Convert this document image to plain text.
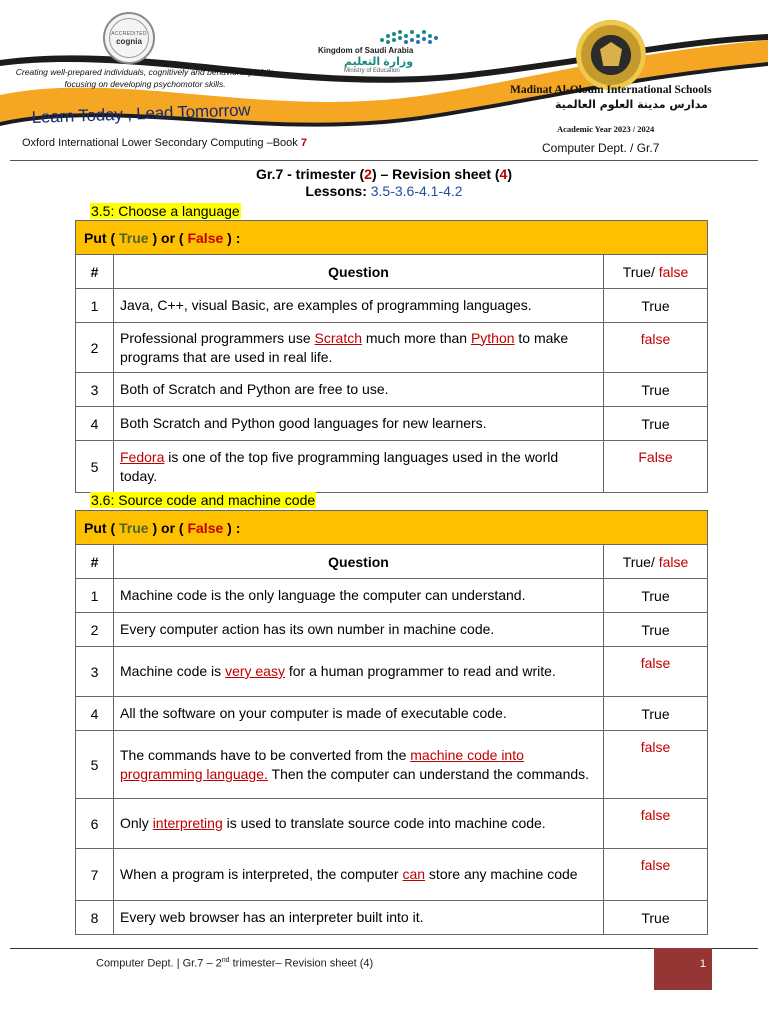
ACCREDITED
cognia
Creating well-prepared individuals, cognitively and behaviorally while focusing on developing psychomotor skills.
Learn Today , Lead Tomorrow
Oxford International Lower Secondary Computing –Book 7
Kingdom of Saudi Arabia
وزارة التعليم
Ministry of Education
Madinat Al-Oloum International Schools
مدارس مدينة العلوم العالمية
Academic Year 2023 / 2024
Computer Dept. / Gr.7
Gr.7 - trimester (2) – Revision sheet (4)
Lessons: 3.5-3.6-4.1-4.2
3.5: Choose a language
Put ( True ) or ( False ) :		
#	Question	True/ false
1	Java, C++, visual Basic, are examples of programming languages.	True
2	Professional programmers use Scratch much more than Python to make programs that are used in real life.	false
3	Both of Scratch and Python are free to use.	True
4	Both Scratch and Python good languages for new learners.	True
5	Fedora is one of the top five programming languages used in the world today.	False
3.6: Source code and machine code
Put ( True ) or ( False ) :		
#	Question	True/ false
1	Machine code is the only language the computer can understand.	True
2	Every computer action has its own number in machine code.	True
3	Machine code is very easy for a human programmer to read and write.	false
4	All the software on your computer is made of executable code.	True
5	The commands have to be converted from the machine code into programming language. Then the computer can understand the commands.	false
6	Only interpreting is used to translate source code into machine code.	false
7	When a program is interpreted, the computer can store any machine code	false
8	Every web browser has an interpreter built into it.	True
Computer Dept. | Gr.7 – 2nd trimester– Revision sheet (4)	1
